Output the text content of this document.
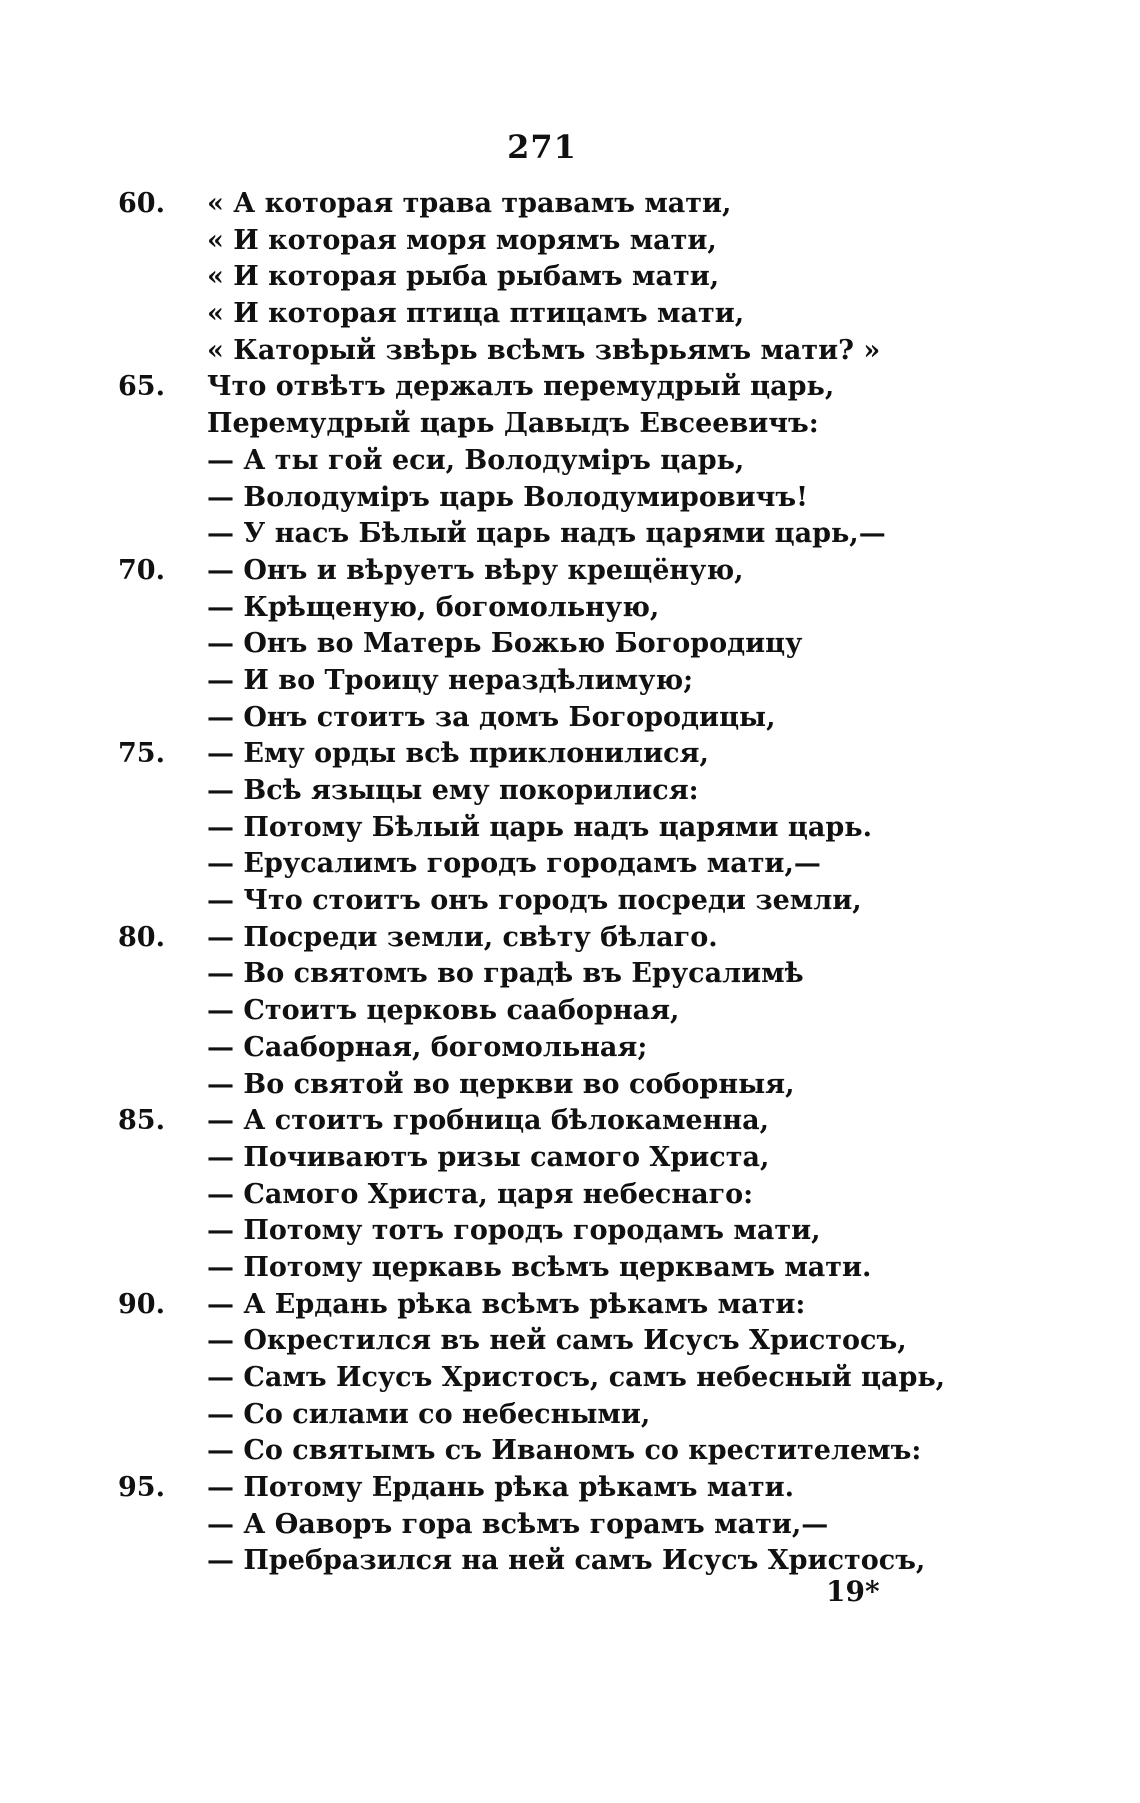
271
60.	« А которая трава травамъ мати,
« И которая моря морямъ мати,
« И которая рыба рыбамъ мати,
« И которая птица птицамъ мати,
« Каторый звѣрь всѣмъ звѣрьямъ мати? »
65.	Что отвѣтъ держалъ перемудрый царь,
Перемудрый царь Давыдъ Евсеевичъ:
— А ты гой еси, Володумiръ царь,
— Володумiръ царь Володумировичъ!
— У насъ Бѣлый царь надъ царями царь,—
70.	— Онъ и вѣруетъ вѣру крещёную,
— Крѣщеную, богомольную,
— Онъ во Матерь Божью Богородицу
— И во Троицу нераздѣлимую;
— Онъ стоитъ за домъ Богородицы,
75.	— Ему орды всѣ приклонилися,
— Всѣ языцы ему покорилися:
— Потому Бѣлый царь надъ царями царь.
— Ерусалимъ городъ городамъ мати,—
— Что стоитъ онъ городъ посреди земли,
80.	— Посреди земли, свѣту бѣлаго.
— Во святомъ во градѣ въ Ерусалимѣ
— Стоитъ церковь саaборная,
— Саaборная, богомольная;
— Во святой во церкви во соборныя,
85.	— А стоитъ гробница бѣлокаменна,
— Почиваютъ ризы самого Христа,
— Самого Христа, царя небеснаго:
— Потому тотъ городъ городамъ мати,
— Потому церкавь всѣмъ церквамъ мати.
90.	— А Ердань рѣка всѣмъ рѣкамъ мати:
— Окрестился въ ней самъ Исусъ Христосъ,
— Самъ Исусъ Христосъ, самъ небесный царь,
— Со силами со небесными,
— Со святымъ съ Иваномъ со крестителемъ:
95.	— Потому Ердань рѣка рѣкамъ мати.
— А Ѳаворъ гора всѣмъ горамъ мати,—
— Пребразился на ней самъ Исусъ Христосъ,
19*
